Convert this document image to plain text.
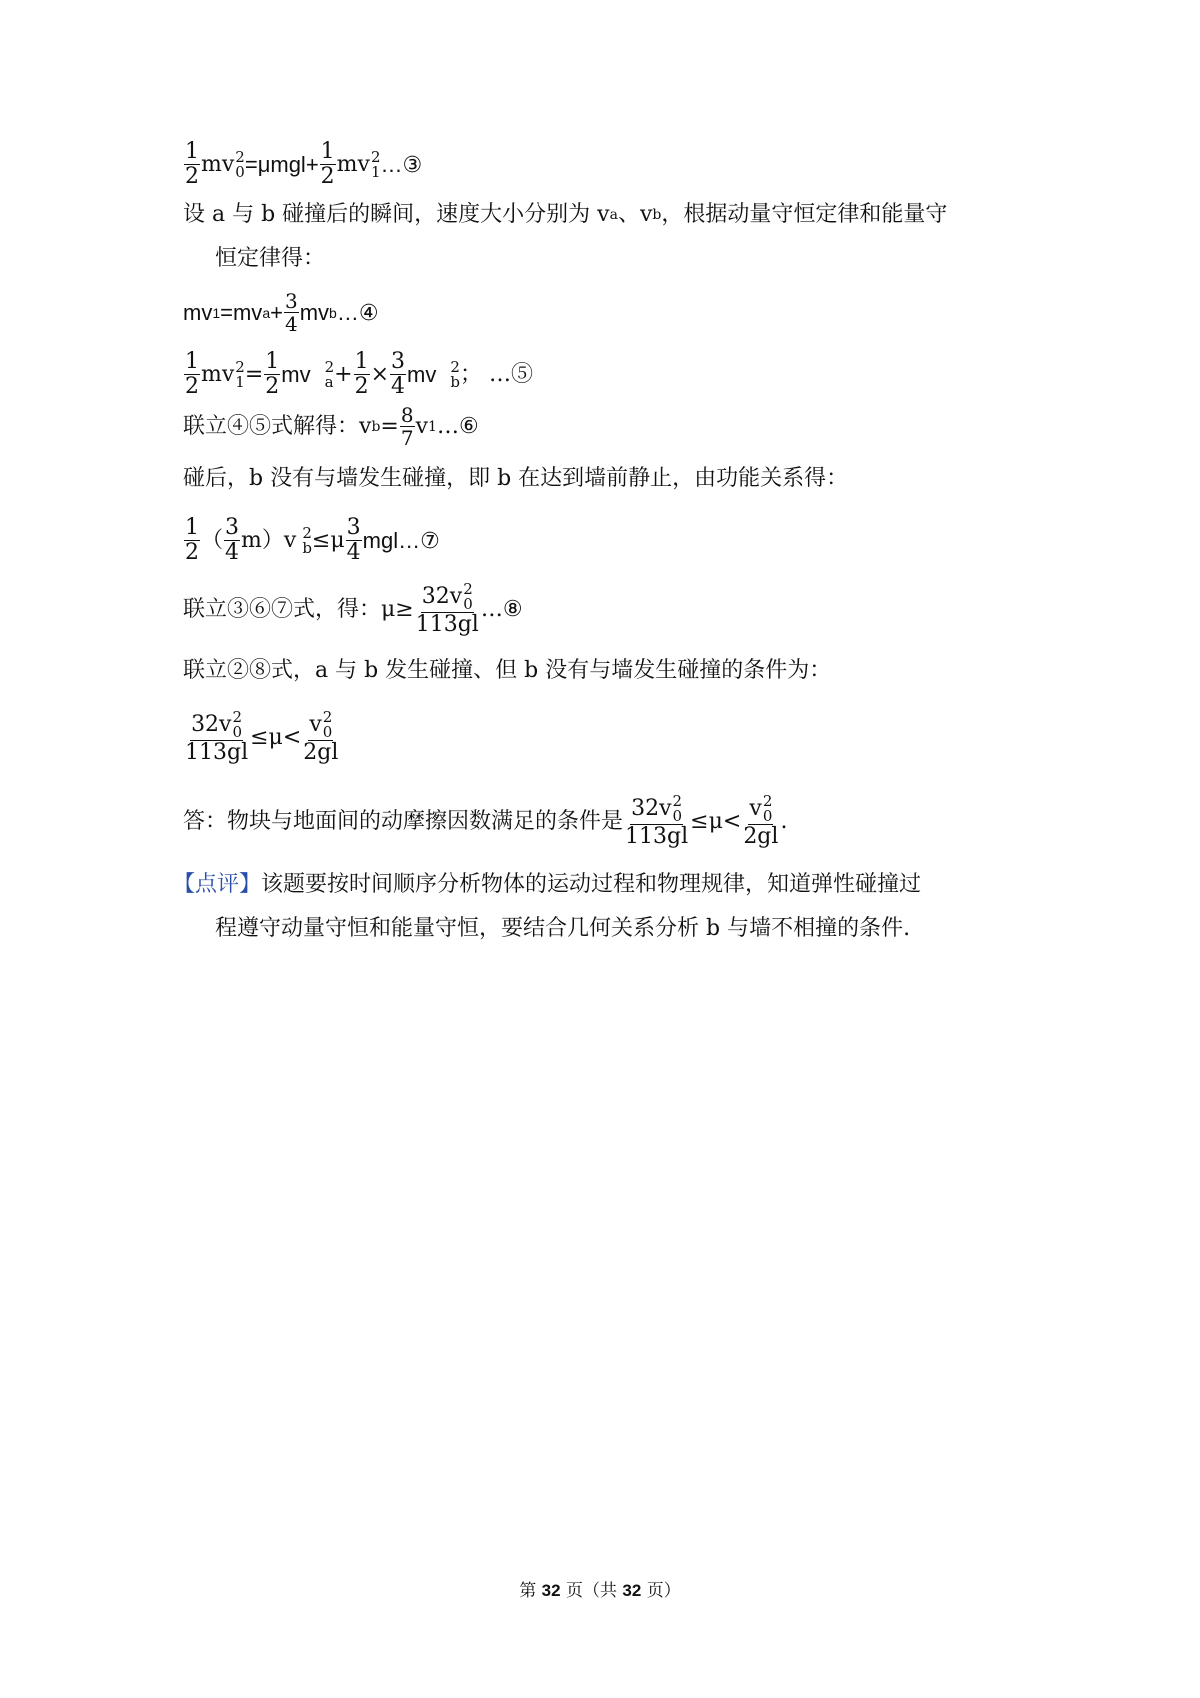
$\frac{1}{2}$ mv 2
$0 =\mu mgl+ \frac{1}{2}$ mv 2
1 …③
设 a 与 b 碰撞后的瞬间，速度大小分别为 v a 、v b ，根据动量守恒定律和能量守
恒定律得：
mv 1 =mv $a + \frac{3}{4}$ mv b …④
$\frac{1}{2}$ mv 2
$1 = \frac{1}{2}$ mv 2
$a + \frac{1}{2} \times \frac{3}{4}$ mv 2
b ； …⑤
联立④⑤式解得：v $b = \frac{8}{7}$ v 1 …⑥
碰后，b 没有与墙发生碰撞，即 b 在达到墙前静止，由功能关系得：
$\frac{1}{2}$ （ $\frac{3}{4} m)v$ 2
$b \le\mu \frac{3}{4}$ mgl…⑦
联立③⑥⑦式，得：μ≥ 32v 2
0
113gl …⑧
联立②⑧式，a 与 b 发生碰撞、但 b 没有与墙发生碰撞的条件为：
32v 2
0
113gl ≤μ< v 2
0
2gl
答：物块与地面间的动摩擦因数满足的条件是 32v 2
0
113gl ≤μ< v 2
0
2gl .
【点评】 该题要按时间顺序分析物体的运动过程和物理规律，知道弹性碰撞过
程遵守动量守恒和能量守恒，要结合几何关系分析 b 与墙不相撞的条件.
第 32 页（共 32 页）
